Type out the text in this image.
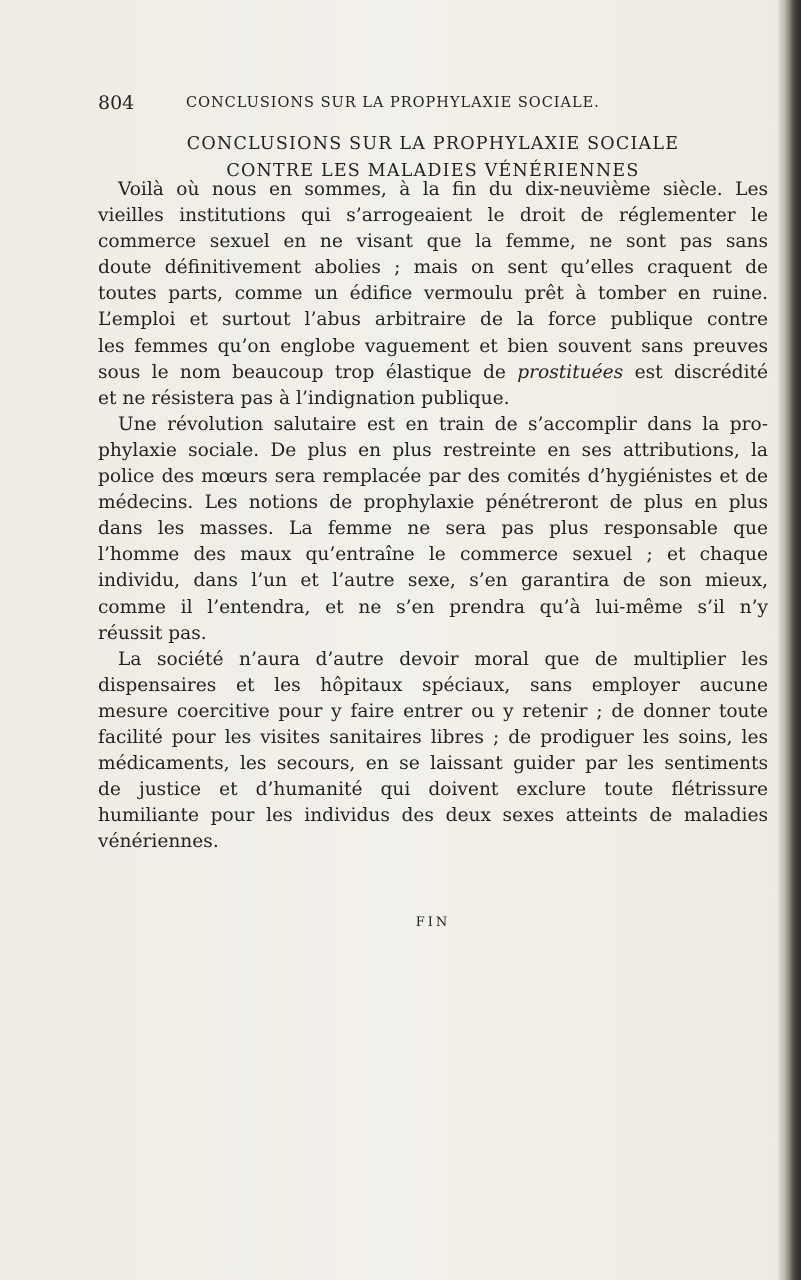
804	CONCLUSIONS SUR LA PROPHYLAXIE SOCIALE.
CONCLUSIONS SUR LA PROPHYLAXIE SOCIALE
CONTRE LES MALADIES VÉNÉRIENNES
Voilà où nous en sommes, à la fin du dix-neuvième siècle. Les
vieilles institutions qui s’arrogeaient le droit de réglementer le
commerce sexuel en ne visant que la femme, ne sont pas sans
doute définitivement abolies ; mais on sent qu’elles craquent de
toutes parts, comme un édifice vermoulu prêt à tomber en ruine.
L’emploi et surtout l’abus arbitraire de la force publique contre
les femmes qu’on englobe vaguement et bien souvent sans preuves
sous le nom beaucoup trop élastique de prostituées est discrédité
et ne résistera pas à l’indignation publique.
Une révolution salutaire est en train de s’accomplir dans la pro-
phylaxie sociale. De plus en plus restreinte en ses attributions, la
police des mœurs sera remplacée par des comités d’hygiénistes et de
médecins. Les notions de prophylaxie pénétreront de plus en plus
dans les masses. La femme ne sera pas plus responsable que
l’homme des maux qu’entraîne le commerce sexuel ; et chaque
individu, dans l’un et l’autre sexe, s’en garantira de son mieux,
comme il l’entendra, et ne s’en prendra qu’à lui-même s’il n’y
réussit pas.
La société n’aura d’autre devoir moral que de multiplier les
dispensaires et les hôpitaux spéciaux, sans employer aucune
mesure coercitive pour y faire entrer ou y retenir ; de donner toute
facilité pour les visites sanitaires libres ; de prodiguer les soins, les
médicaments, les secours, en se laissant guider par les sentiments
de justice et d’humanité qui doivent exclure toute flétrissure
humiliante pour les individus des deux sexes atteints de maladies
vénériennes.
FIN
